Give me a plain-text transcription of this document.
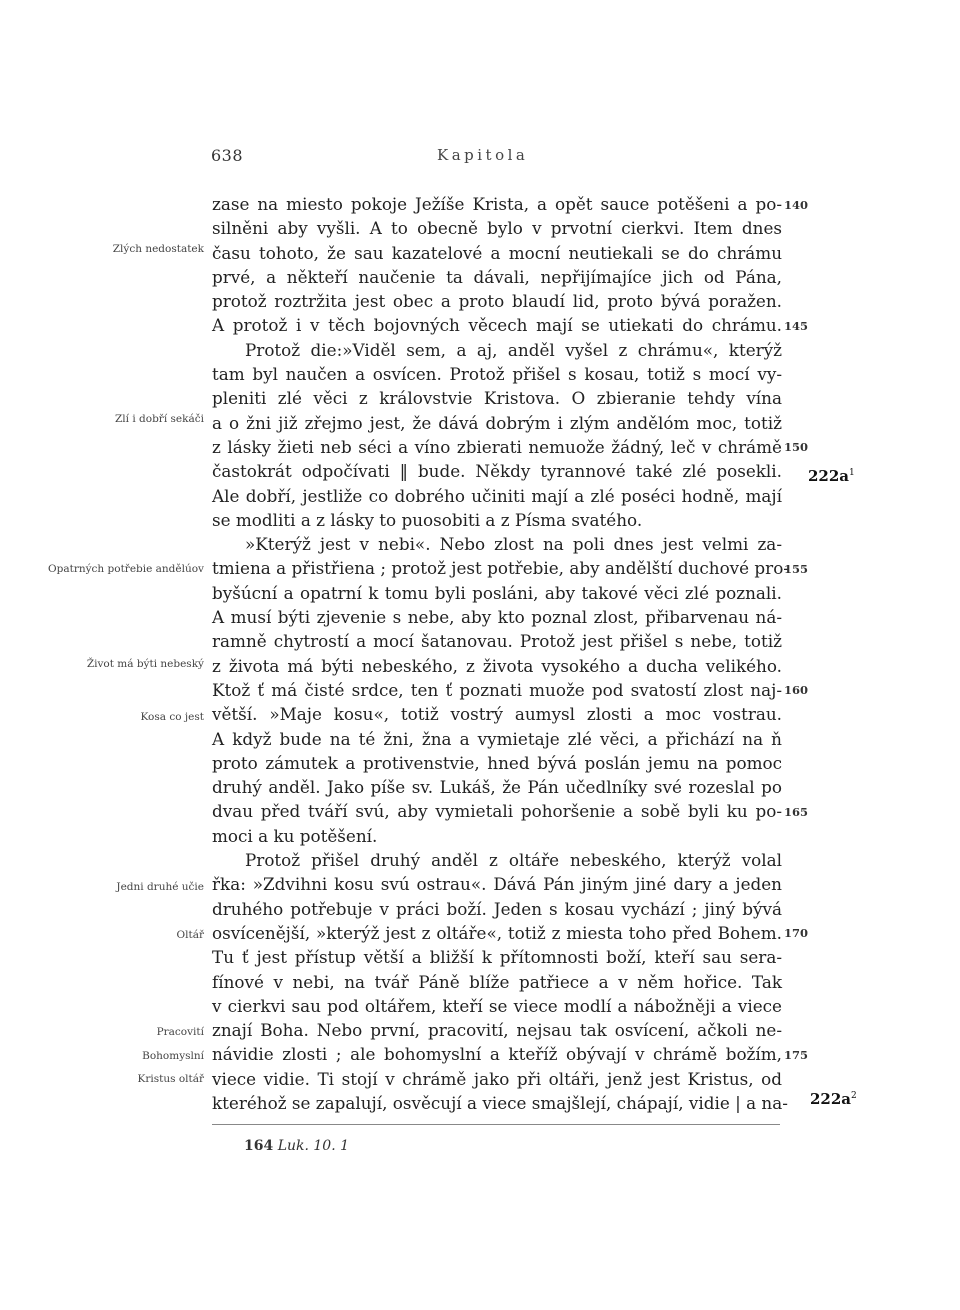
638	Kapitola
zase na miesto pokoje Ježíše Krista, a opět sauce potěšeni a po-
silněni aby vyšli. A to obecně bylo v prvotní cierkvi. Item dnes
času tohoto, že sau kazatelové a mocní neutiekali se do chrámu
prvé, a někteří naučenie ta dávali, nepřijímajíce jich od Pána,
protož roztržita jest obec a proto blaudí lid, proto bývá poražen.
A protož i v těch bojovných věcech mají se utiekati do chrámu.
Protož die:»Viděl sem, a aj, anděl vyšel z chrámu«, kterýž
tam byl naučen a osvícen. Protož přišel s kosau, totiž s mocí vy-
pleniti zlé věci z královstvie Kristova. O zbieranie tehdy vína
a o žni již zřejmo jest, že dává dobrým i zlým andělóm moc, totiž
z lásky žieti neb séci a víno zbierati nemuože žádný, leč v chrámě
častokrát odpočívati ‖ bude. Někdy tyrannové také zlé posekli.
Ale dobří, jestliže co dobrého učiniti mají a zlé poséci hodně, mají
se modliti a z lásky to puosobiti a z Písma svatého.
»Kterýž jest v nebi«. Nebo zlost na poli dnes jest velmi za-
tmiena a přistřiena ; protož jest potřebie, aby andělští duchové pro-
byšúcní a opatrní k tomu byli posláni, aby takové věci zlé poznali.
A musí býti zjevenie s nebe, aby kto poznal zlost, přibarvenau ná-
ramně chytrostí a mocí šatanovau. Protož jest přišel s nebe, totiž
z života má býti nebeského, z života vysokého a ducha velikého.
Ktož ť má čisté srdce, ten ť poznati muože pod svatostí zlost naj-
větší. »Maje kosu«, totiž vostrý aumysl zlosti a moc vostrau.
A když bude na té žni, žna a vymietaje zlé věci, a přichází na ň
proto zámutek a protivenstvie, hned bývá poslán jemu na pomoc
druhý anděl. Jako píše sv. Lukáš, že Pán učedlníky své rozeslal po
dvau před tváří svú, aby vymietali pohoršenie a sobě byli ku po-
moci a ku potěšení.
Protož přišel druhý anděl z oltáře nebeského, kterýž volal
řka: »Zdvihni kosu svú ostrau«. Dává Pán jiným jiné dary a jeden
druhého potřebuje v práci boží. Jeden s kosau vychází ; jiný bývá
osvícenější, »kterýž jest z oltáře«, totiž z miesta toho před Bohem.
Tu ť jest přístup větší a bližší k přítomnosti boží, kteří sau sera-
fínové v nebi, na tvář Páně blíže patřiece a v něm hořice. Tak
v cierkvi sau pod oltářem, kteří se viece modlí a nábožněji a viece
znají Boha. Nebo první, pracovití, nejsau tak osvícení, ačkoli ne-
návidie zlosti ; ale bohomyslní a kteříž obývají v chrámě božím,
viece vidie. Ti stojí v chrámě jako při oltáři, jenž jest Kristus, od
kteréhož se zapalují, osvěcují a viece smajšlejí, chápají, vidie | a na-
140
145
150
155
160
165
170
175
$222a^1$
$222a^2$
Zlých nedostatek
Zlí i dobří sekáči
Opatrných potřebie andělúov
Život má býti nebeský
Kosa co jest
Jedni druhé učie
Oltář
Pracovití
Bohomyslní
Kristus oltář
164 Luk. 10. 1
